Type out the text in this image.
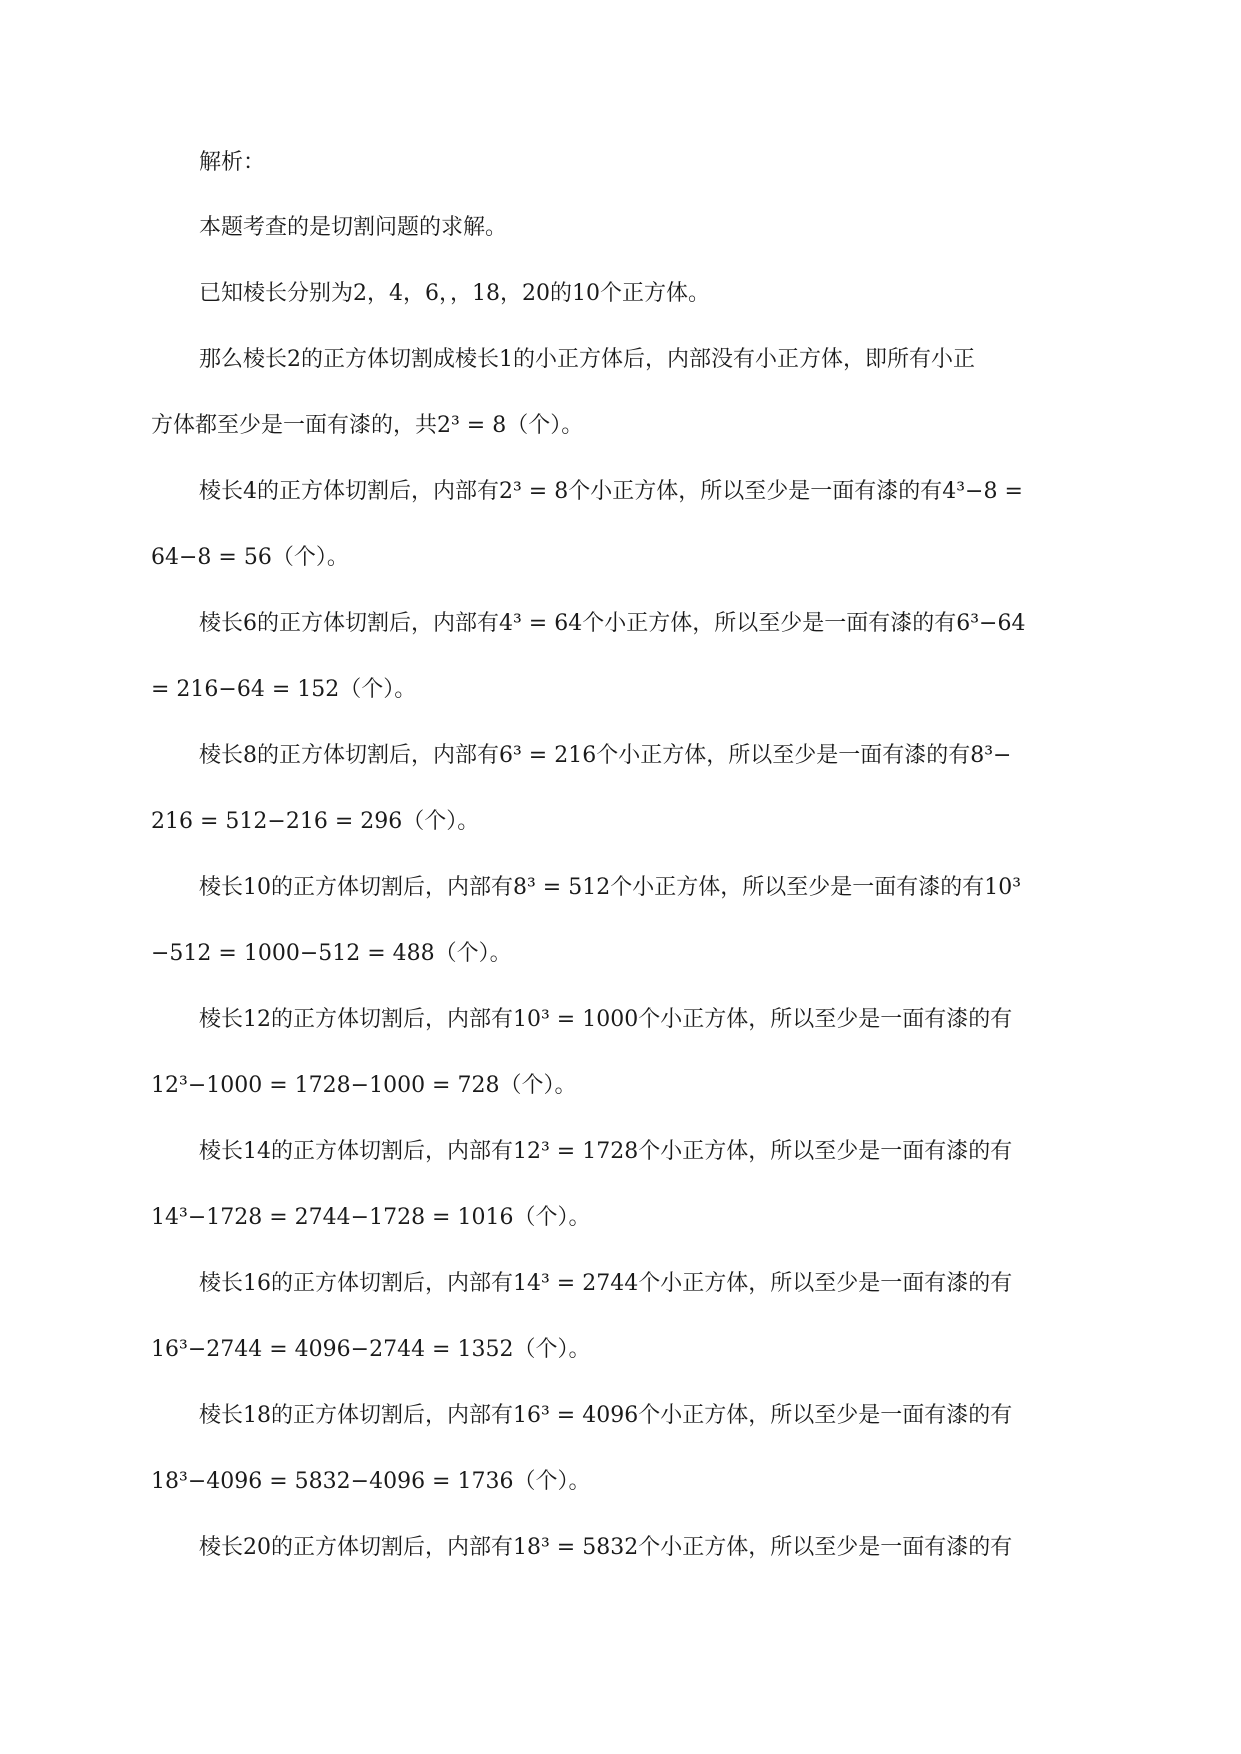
解析：
本题考查的是切割问题的求解。
已知棱长分别为2，4，6，，18，20的10个正方体。
那么棱长2的正方体切割成棱长1的小正方体后，内部没有小正方体，即所有小正
方体都至少是一面有漆的，共2³ = 8（个）。
棱长4的正方体切割后，内部有2³ = 8个小正方体，所以至少是一面有漆的有4³−8 =
64−8 = 56（个）。
棱长6的正方体切割后，内部有4³ = 64个小正方体，所以至少是一面有漆的有6³−64
= 216−64 = 152（个）。
棱长8的正方体切割后，内部有6³ = 216个小正方体，所以至少是一面有漆的有8³−
216 = 512−216 = 296（个）。
棱长10的正方体切割后，内部有8³ = 512个小正方体，所以至少是一面有漆的有10³
−512 = 1000−512 = 488（个）。
棱长12的正方体切割后，内部有10³ = 1000个小正方体，所以至少是一面有漆的有
12³−1000 = 1728−1000 = 728（个）。
棱长14的正方体切割后，内部有12³ = 1728个小正方体，所以至少是一面有漆的有
14³−1728 = 2744−1728 = 1016（个）。
棱长16的正方体切割后，内部有14³ = 2744个小正方体，所以至少是一面有漆的有
16³−2744 = 4096−2744 = 1352（个）。
棱长18的正方体切割后，内部有16³ = 4096个小正方体，所以至少是一面有漆的有
18³−4096 = 5832−4096 = 1736（个）。
棱长20的正方体切割后，内部有18³ = 5832个小正方体，所以至少是一面有漆的有
